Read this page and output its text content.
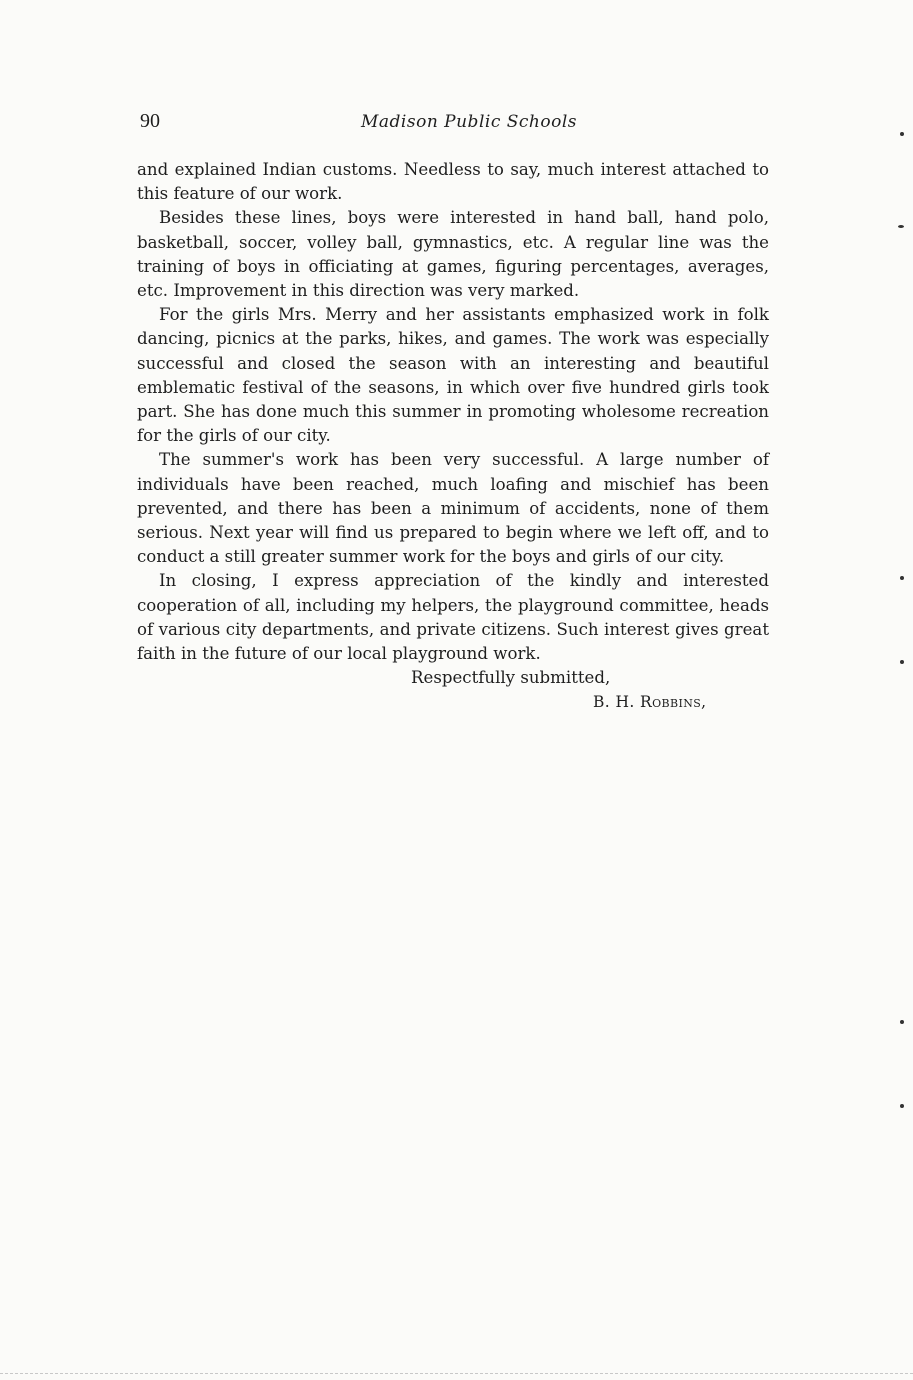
90	Madison Public Schools

and explained Indian customs. Needless to say, much interest attached to this feature of our work.

Besides these lines, boys were interested in hand ball, hand polo, basketball, soccer, volley ball, gymnastics, etc. A regular line was the training of boys in officiating at games, figuring percentages, averages, etc. Improvement in this direction was very marked.

For the girls Mrs. Merry and her assistants emphasized work in folk dancing, picnics at the parks, hikes, and games. The work was especially successful and closed the season with an interesting and beautiful emblematic festival of the seasons, in which over five hundred girls took part. She has done much this summer in promoting wholesome recreation for the girls of our city.

The summer's work has been very successful. A large number of individuals have been reached, much loafing and mischief has been prevented, and there has been a minimum of accidents, none of them serious. Next year will find us prepared to begin where we left off, and to conduct a still greater summer work for the boys and girls of our city.

In closing, I express appreciation of the kindly and interested cooperation of all, including my helpers, the playground committee, heads of various city departments, and private citizens. Such interest gives great faith in the future of our local playground work.

Respectfully submitted,

B. H. Robbins,
